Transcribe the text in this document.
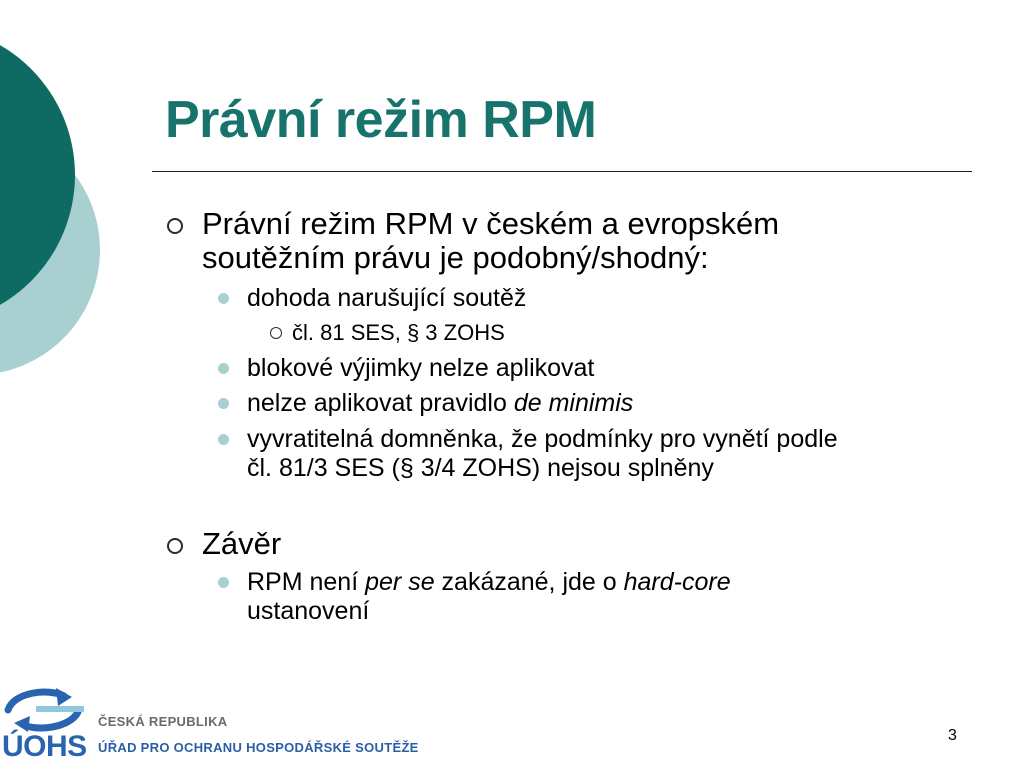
Právní režim RPM
Právní režim RPM v českém a evropském
soutěžním právu je podobný/shodný:
dohoda narušující soutěž
čl. 81 SES, § 3 ZOHS
blokové výjimky nelze aplikovat
nelze aplikovat pravidlo de minimis
vyvratitelná domněnka, že podmínky pro vynětí podle
čl. 81/3 SES (§ 3/4 ZOHS) nejsou splněny
Závěr
RPM není per se zakázané, jde o hard-core
ustanovení
ÚOHS
ČESKÁ REPUBLIKA
ÚŘAD PRO OCHRANU HOSPODÁŘSKÉ SOUTĚŽE
3
